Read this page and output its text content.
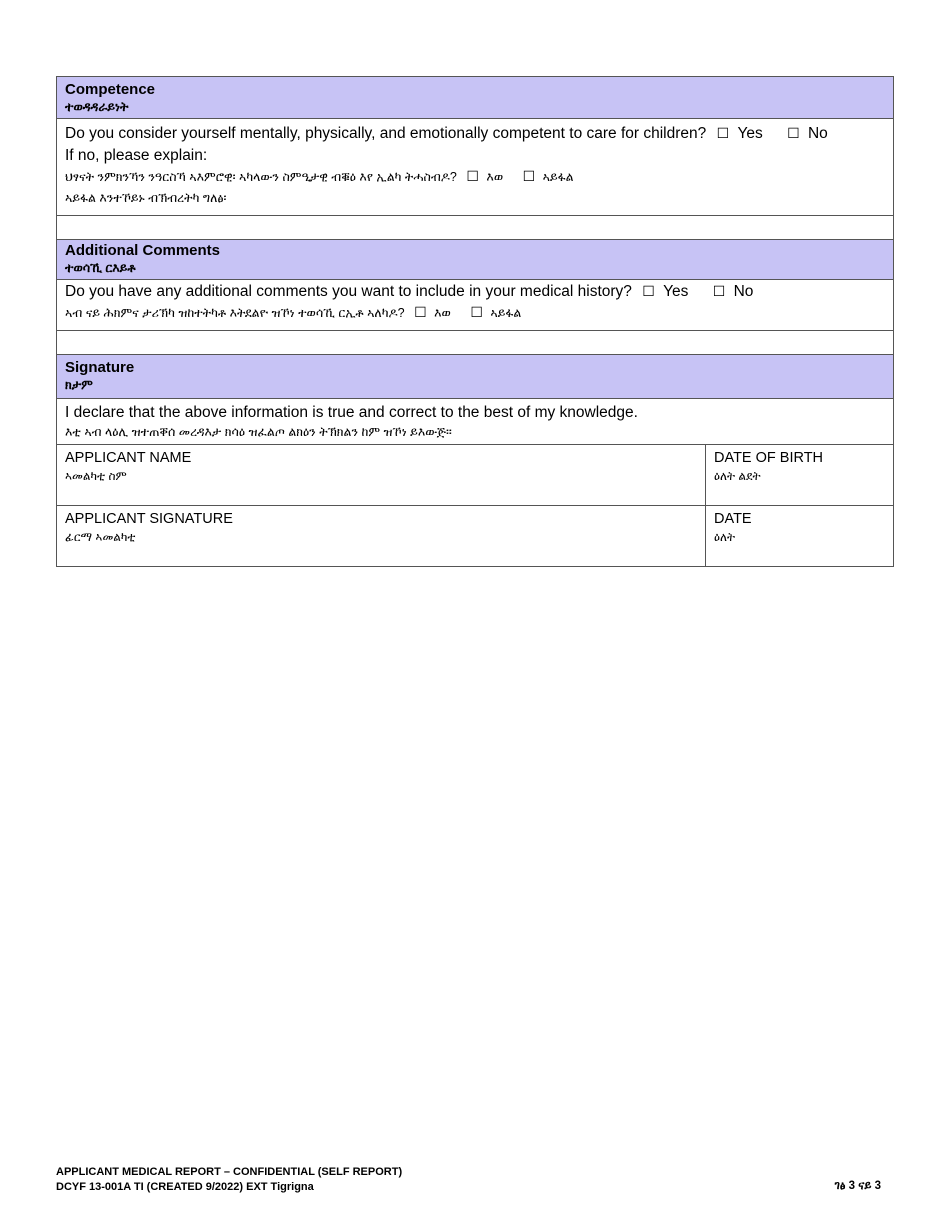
Competence
ተወዳዳራይነት
Do you consider yourself mentally, physically, and emotionally competent to care for children? ☐ Yes ☐ No
If no, please explain:
ህፃናት ንምክንኻን ንዓርስኻ ኣእምሮዊ፡ ኣካላውን ስምዒታዊ ብቑዕ እየ ኢልካ ትሓስብዶ? ☐ እወ ☐ ኣይፋል
ኣይፋል እንተኾይኑ ብኽብረትካ ግለፅ፡
Additional Comments
ተወሳኺ ርእይቶ
Do you have any additional comments you want to include in your medical history? ☐ Yes ☐ No
ኣብ ናይ ሕክምና ታሪኽካ ዝከተትካቶ እትደልዮ ዝኾነ ተወሳኺ ርኢቶ ኣለካዶ? ☐ እወ ☐ ኣይፋል
Signature
ክታም
I declare that the above information is true and correct to the best of my knowledge.
እቲ ኣብ ላዕሊ ዝተጠቐሰ መረዳእታ ክሳዕ ዝፈልጦ ልክዕን ትኽክልን ከም ዝኾነ ይእውጅ፡፡
APPLICANT NAME
ኣመልካቲ ስም
DATE OF BIRTH
ዕለት ልደት
APPLICANT SIGNATURE
ፊርማ ኣመልካቲ
DATE
ዕለት
APPLICANT MEDICAL REPORT – CONFIDENTIAL (SELF REPORT)
DCYF 13-001A TI (CREATED 9/2022) EXT Tigrigna	ገፅ 3 ናይ 3
